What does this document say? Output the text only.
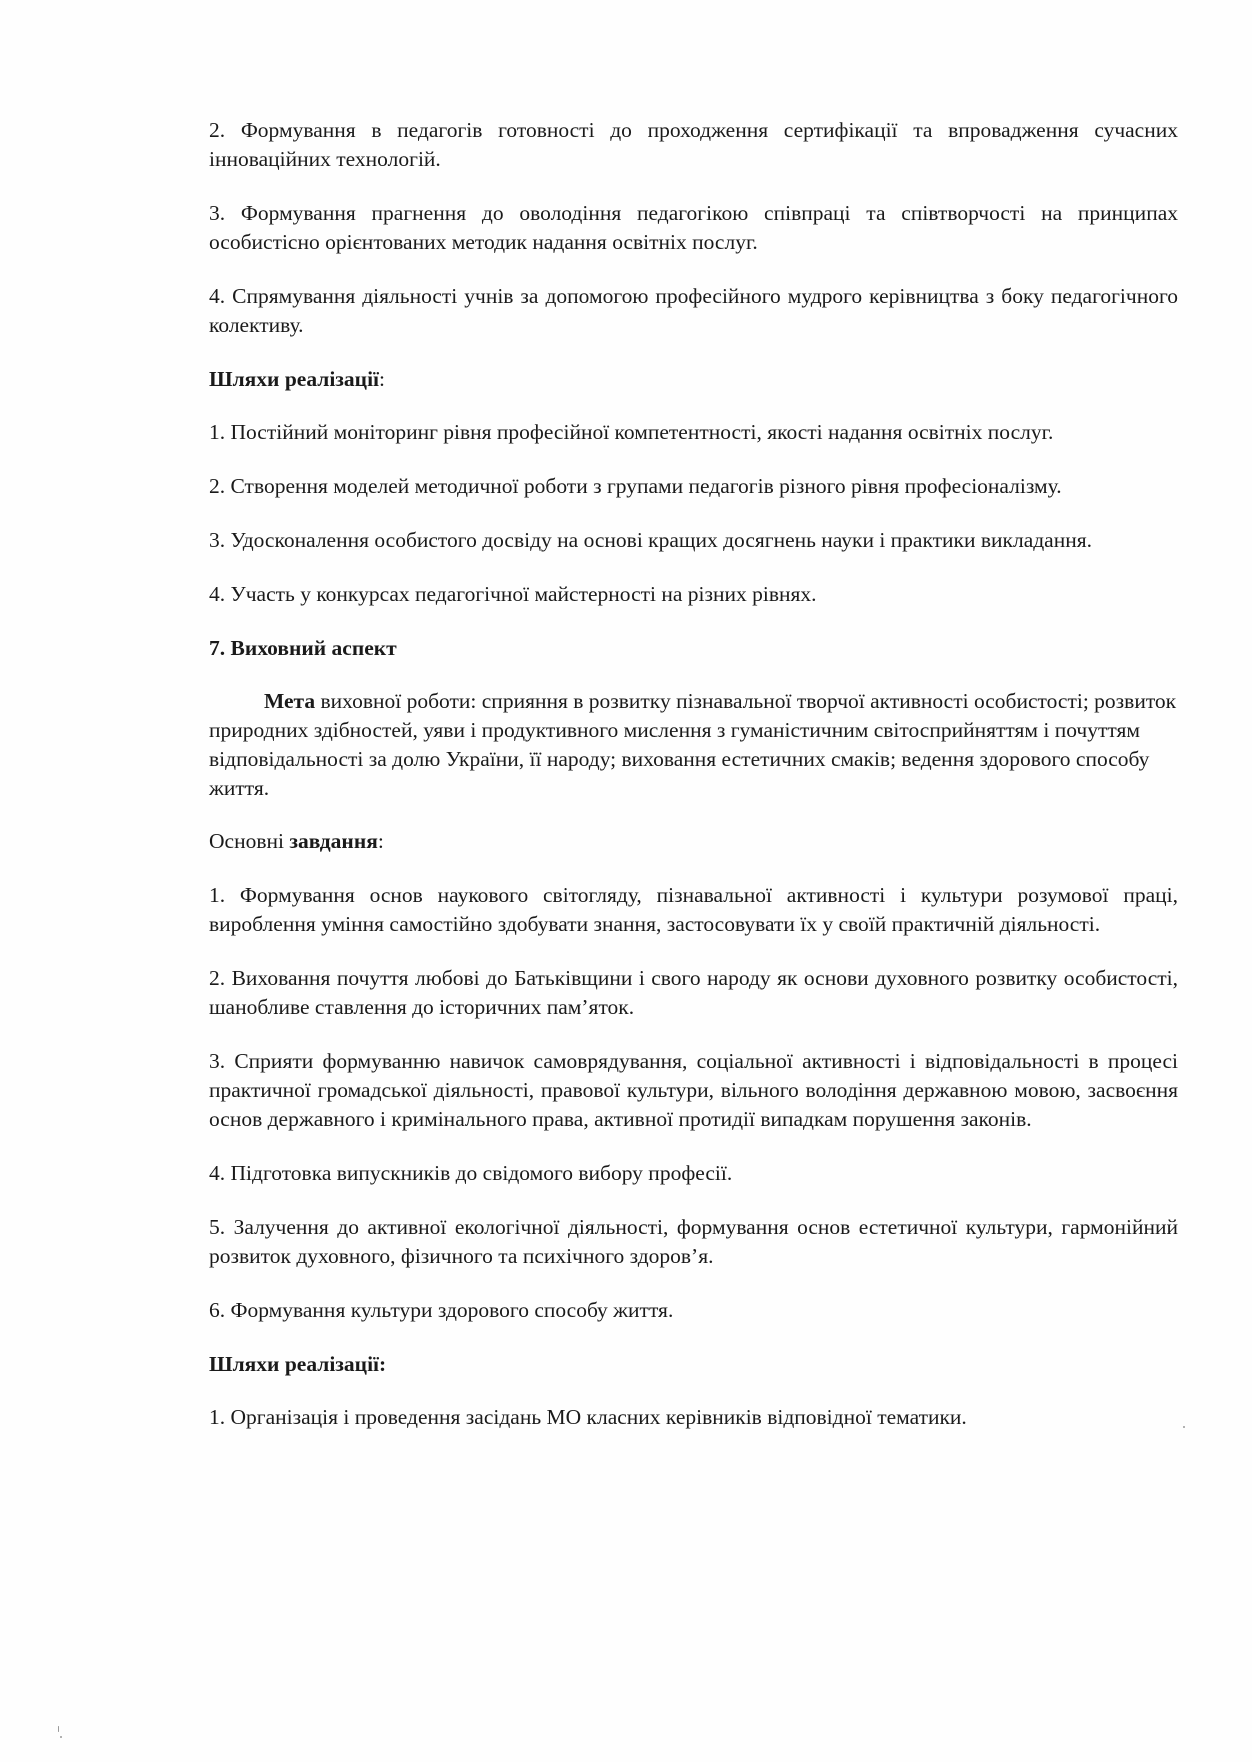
2. Формування в педагогів готовності до проходження сертифікації та впровадження сучасних інноваційних технологій.

3. Формування прагнення до оволодіння педагогікою співпраці та співтворчості на принципах особистісно орієнтованих методик надання освітніх послуг.

4. Спрямування діяльності учнів за допомогою професійного мудрого керівництва з боку педагогічного колективу.

Шляхи реалізації:

1. Постійний моніторинг рівня професійної компетентності, якості надання освітніх послуг.

2. Створення моделей методичної роботи з групами педагогів різного рівня професіоналізму.

3. Удосконалення особистого досвіду на основі кращих досягнень науки і практики викладання.

4. Участь у конкурсах педагогічної майстерності на різних рівнях.

7. Виховний аспект

Мета виховної роботи: сприяння в розвитку пізнавальної творчої активності особистості; розвиток природних здібностей, уяви і продуктивного мислення з гуманістичним світосприйняттям і почуттям відповідальності за долю України, її народу; виховання естетичних смаків; ведення здорового способу життя.

Основні завдання:

1. Формування основ наукового світогляду, пізнавальної активності і культури розумової праці, вироблення уміння самостійно здобувати знання, застосовувати їх у своїй практичній діяльності.

2. Виховання почуття любові до Батьківщини і свого народу як основи духовного розвитку особистості, шанобливе ставлення до історичних пам’яток.

3. Сприяти формуванню навичок самоврядування, соціальної активності і відповідальності в процесі практичної громадської діяльності, правової культури, вільного володіння державною мовою, засвоєння основ державного і кримінального права, активної протидії випадкам порушення законів.

4. Підготовка випускників до свідомого вибору професії.

5. Залучення до активної екологічної діяльності, формування основ естетичної культури, гармонійний розвиток духовного, фізичного та психічного здоров’я.

6. Формування культури здорового способу життя.

Шляхи реалізації:

1. Організація і проведення засідань МО класних керівників відповідної тематики.
